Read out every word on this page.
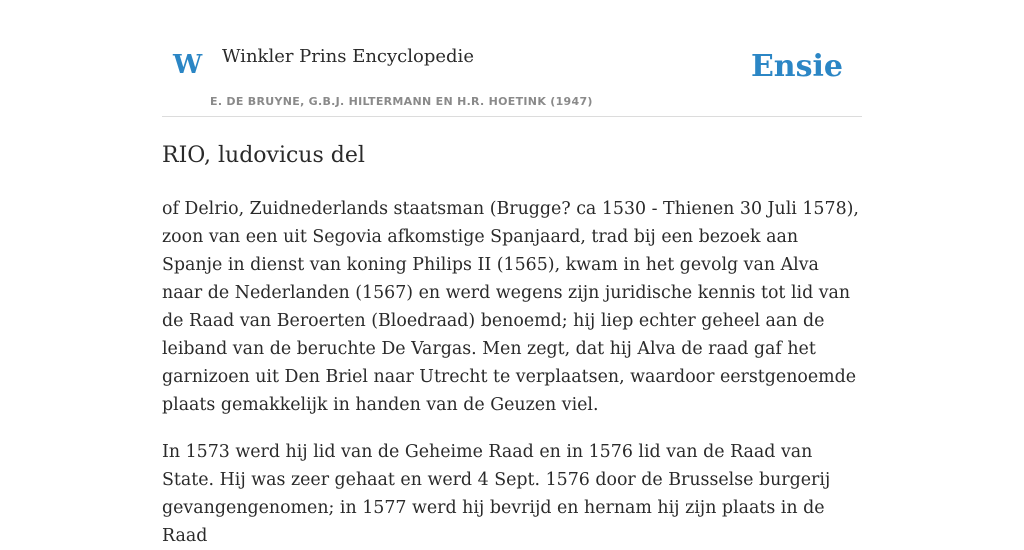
W Winkler Prins Encyclopedie
E. DE BRUYNE, G.B.J. HILTERMANN EN H.R. HOETINK (1947)
Ensie
RIO, ludovicus del

of Delrio, Zuidnederlands staatsman (Brugge? ca 1530 - Thienen 30 Juli 1578), zoon van een uit Segovia afkomstige Spanjaard, trad bij een bezoek aan Spanje in dienst van koning Philips II (1565), kwam in het gevolg van Alva naar de Nederlanden (1567) en werd wegens zijn juridische kennis tot lid van de Raad van Beroerten (Bloedraad) benoemd; hij liep echter geheel aan de leiband van de beruchte De Vargas. Men zegt, dat hij Alva de raad gaf het garnizoen uit Den Briel naar Utrecht te verplaatsen, waardoor eerstgenoemde plaats gemakkelijk in handen van de Geuzen viel.

In 1573 werd hij lid van de Geheime Raad en in 1576 lid van de Raad van State. Hij was zeer gehaat en werd 4 Sept. 1576 door de Brusselse burgerij gevangengenomen; in 1577 werd hij bevrijd en hernam hij zijn plaats in de Raad
